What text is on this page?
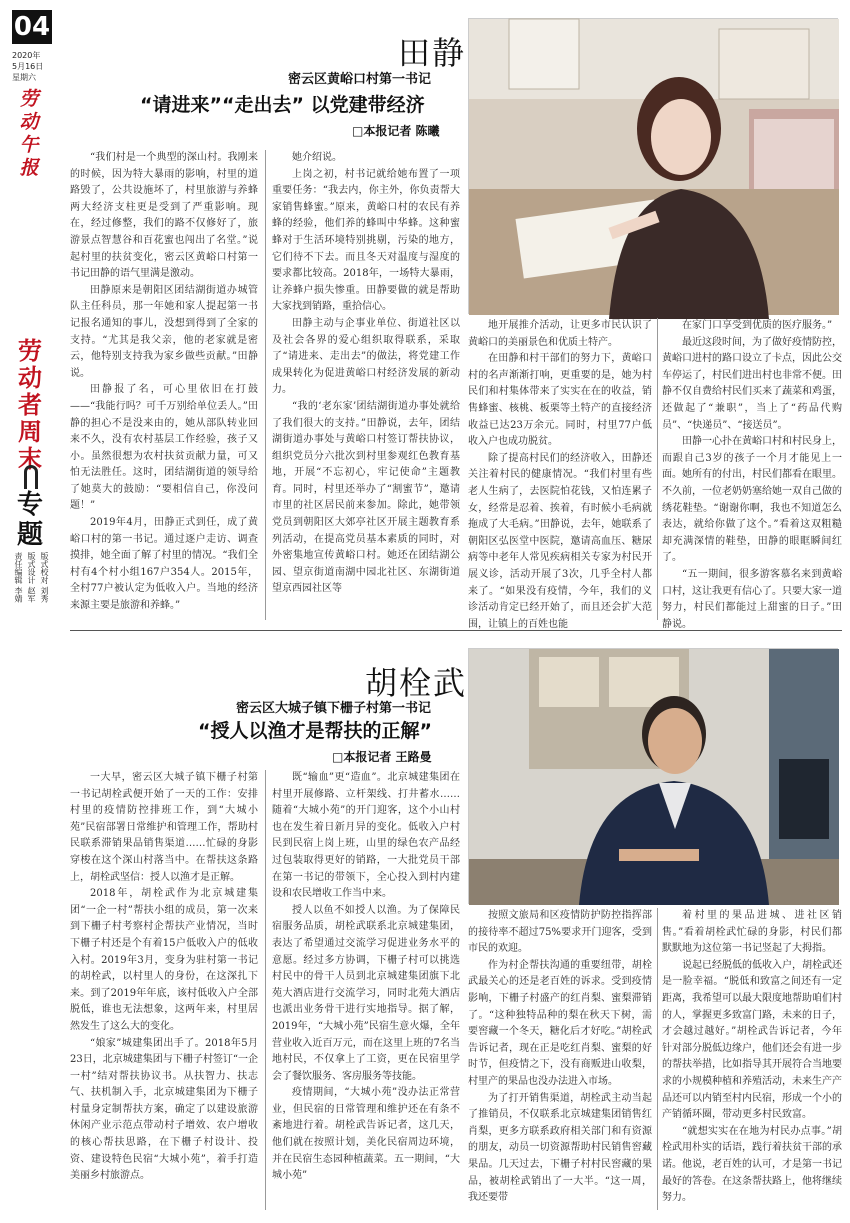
04
2020年
5月16日
星期六
劳
动
午
报
劳
动
者
周
末
专
题
版式校对 刘秀
版式设计 赵军
责任编辑 李婧
田静
密云区黄峪口村第一书记
“请进来”“走出去” 以党建带经济
□本报记者 陈曦

“我们村是一个典型的深山村。我刚来的时候，因为特大暴雨的影响，村里的道路毁了，公共设施坏了，村里旅游与养蜂两大经济支柱更是受到了严重影响。现在，经过修整，我们的路不仅修好了，旅游景点智慧谷和百花蜜也闯出了名堂。”说起村里的扶贫变化，密云区黄峪口村第一书记田静的语气里满是激动。

田静原来是朝阳区团结湖街道办城管队主任科员，那一年她和家人提起第一书记报名通知的事儿，没想到得到了全家的支持。“尤其是我父亲，他的老家就是密云，他特别支持我为家乡做些贡献。”田静说。

田静报了名，可心里依旧在打鼓——“我能行吗？可千万别给单位丢人。”田静的担心不是没来由的，她从部队转业回来不久，没有农村基层工作经验，孩子又小。虽然很想为农村扶贫贡献力量，可又怕无法胜任。这时，团结湖街道的领导给了她莫大的鼓励：“要相信自己，你没问题！”

2019年4月，田静正式到任，成了黄峪口村的第一书记。通过逐户走访、调查摸排，她全面了解了村里的情况。“我们全村有4个村小组167户354人。2015年，全村77户被认定为低收入户。当地的经济来源主要是旅游和养蜂。”

她介绍说。

上岗之初，村书记就给她布置了一项重要任务：“我去内，你主外，你负责帮大家销售蜂蜜。”原来，黄峪口村的农民有养蜂的经验，他们养的蜂叫中华蜂。这种蜜蜂对于生活环境特别挑剔，污染的地方，它们待不下去。而且冬天对温度与湿度的要求都比较高。2018年，一场特大暴雨，让养蜂户损失惨重。田静要做的就是帮助大家找到销路，重拾信心。

田静主动与企事业单位、街道社区以及社会各界的爱心组织取得联系，采取了“请进来、走出去”的做法，将党建工作成果转化为促进黄峪口村经济发展的新动力。

“我的‘老东家’团结湖街道办事处就给了我们很大的支持。”田静说，去年，团结湖街道办事处与黄峪口村签订帮扶协议，组织党员分六批次到村里参观红色教育基地，开展“不忘初心，牢记使命”主题教育。同时，村里还举办了“割蜜节”，邀请市里的社区居民前来参加。除此，她带领党员到朝阳区大郊亭社区开展主题教育系列活动，在提高党员基本素质的同时，对外密集地宣传黄峪口村。她还在团结湖公园、望京街道南湖中园北社区、东湖街道望京西园社区等

地开展推介活动，让更多市民认识了黄峪口的美丽景色和优质土特产。

在田静和村干部们的努力下，黄峪口村的名声渐渐打响，更重要的是，她为村民们和村集体带来了实实在在的收益，销售蜂蜜、核桃、板栗等土特产的直接经济收益已达23万余元。同时，村里77户低收入户也成功脱贫。

除了提高村民们的经济收入，田静还关注着村民的健康情况。“我们村里有些老人生病了，去医院怕花钱，又怕连累子女，经常是忍着、挨着，有时候小毛病就拖成了大毛病。”田静说，去年，她联系了朝阳区弘医堂中医院，邀请高血压、糖尿病等中老年人常见疾病相关专家为村民开展义诊，活动开展了3次，几乎全村人都来了。“如果没有疫情，今年，我们的义诊活动肯定已经开始了，而且还会扩大范围，让镇上的百姓也能

在家门口享受到优质的医疗服务。”

最近这段时间，为了做好疫情防控，黄峪口进村的路口设立了卡点，因此公交车停运了，村民们进出村也非常不便。田静不仅自费给村民们买来了蔬菜和鸡蛋，还做起了“兼职”，当上了“药品代购员”、“快递员”、“接送员”。

田静一心扑在黄峪口村和村民身上，而跟自己3岁的孩子一个月才能见上一面。她所有的付出，村民们都看在眼里。不久前，一位老奶奶塞给她一双自己做的绣花鞋垫。“谢谢你啊，我也不知道怎么表达，就给你做了这个。”看着这双粗糙却充满深情的鞋垫，田静的眼眶瞬间红了。

“五一期间，很多游客慕名来到黄峪口村，这让我更有信心了。只要大家一道努力，村民们都能过上甜蜜的日子。”田静说。

胡栓武
密云区大城子镇下栅子村第一书记
“授人以渔才是帮扶的正解”
□本报记者 王路曼

一大早，密云区大城子镇下栅子村第一书记胡栓武便开始了一天的工作：安排村里的疫情防控排班工作，到“大城小苑”民宿部署日常维护和管理工作，帮助村民联系滞销果品销售渠道……忙碌的身影穿梭在这个深山村落当中。在帮扶这条路上，胡栓武坚信：授人以渔才是正解。

2018年，胡栓武作为北京城建集团“一企一村”帮扶小组的成员，第一次来到下栅子村考察村企帮扶产业情况，当时下栅子村还是个有着15户低收入户的低收入村。2019年3月，变身为驻村第一书记的胡栓武，以村里人的身份，在这深扎下来。到了2019年年底，该村低收入户全部脱低，谁也无法想象，这两年来，村里居然发生了这么大的变化。

“娘家”城建集团出手了。2018年5月23日，北京城建集团与下栅子村签订“一企一村”结对帮扶协议书。从扶智力、扶志气、扶机制入手，北京城建集团为下栅子村量身定制帮扶方案，确定了以建设旅游休闲产业示范点带动村子增效、农户增收的核心帮扶思路，在下栅子村设计、投资、建设特色民宿“大城小苑”，着手打造美丽乡村旅游点。

既“输血”更“造血”。北京城建集团在村里开展修路、立杆架线、打井蓄水……随着“大城小苑”的开门迎客，这个小山村也在发生着日新月异的变化。低收入户村民到民宿上岗上班，山里的绿色农产品经过包装取得更好的销路，一大批党员干部在第一书记的带领下，全心投入到村内建设和农民增收工作当中来。

授人以鱼不如授人以渔。为了保障民宿服务品质，胡栓武联系北京城建集团，表达了希望通过交流学习促进业务水平的意愿。经过多方协调，下栅子村可以挑选村民中的骨干人员到北京城建集团旗下北苑大酒店进行交流学习，同时北苑大酒店也派出业务骨干进行实地指导。据了解，2019年，“大城小苑”民宿生意火爆，全年营业收入近百万元，而在这里上班的7名当地村民，不仅拿上了工资，更在民宿里学会了餐饮服务、客房服务等技能。

疫情期间，“大城小苑”没办法正常营业，但民宿的日常管理和维护还在有条不紊地进行着。胡栓武告诉记者，这几天，他们就在按照计划，美化民宿周边环境，并在民宿生态园种植蔬菜。五一期间，“大城小苑”

按照文旅局和区疫情防护防控指挥部的接待率不超过75%要求开门迎客，受到市民的欢迎。

作为村企帮扶沟通的重要纽带，胡栓武最关心的还是老百姓的诉求。受到疫情影响，下栅子村盛产的红肖梨、蜜梨滞销了。“这种独特品种的梨在秋天下树，需要窖藏一个冬天，糖化后才好吃。”胡栓武告诉记者，现在正是吃红肖梨、蜜梨的好时节，但疫情之下，没有商贩进山收梨，村里产的果品也没办法进入市场。

为了打开销售渠道，胡栓武主动当起了推销员，不仅联系北京城建集团销售红肖梨，更多方联系政府相关部门和有资源的朋友，动员一切资源帮助村民销售窖藏果品。几天过去，下栅子村村民窖藏的果品，被胡栓武销出了一大半。“这一周，我还要带

着村里的果品进城、进社区销售。”看着胡栓武忙碌的身影，村民们都默默地为这位第一书记竖起了大拇指。

说起已经脱低的低收入户，胡栓武还是一脸幸福。“脱低和致富之间还有一定距离，我希望可以最大限度地帮助咱们村的人，掌握更多致富门路，未来的日子，才会越过越好。”胡栓武告诉记者，今年针对部分脱低边缘户，他们还会有进一步的帮扶举措，比如指导其开展符合当地要求的小规模种植和养殖活动，未来生产产品还可以内销至村内民宿，形成一个小的产销循环圈，带动更多村民致富。

“就想实实在在地为村民办点事。”胡栓武用朴实的话语，践行着扶贫干部的承诺。他说，老百姓的认可，才是第一书记最好的答卷。在这条帮扶路上，他将继续努力。
